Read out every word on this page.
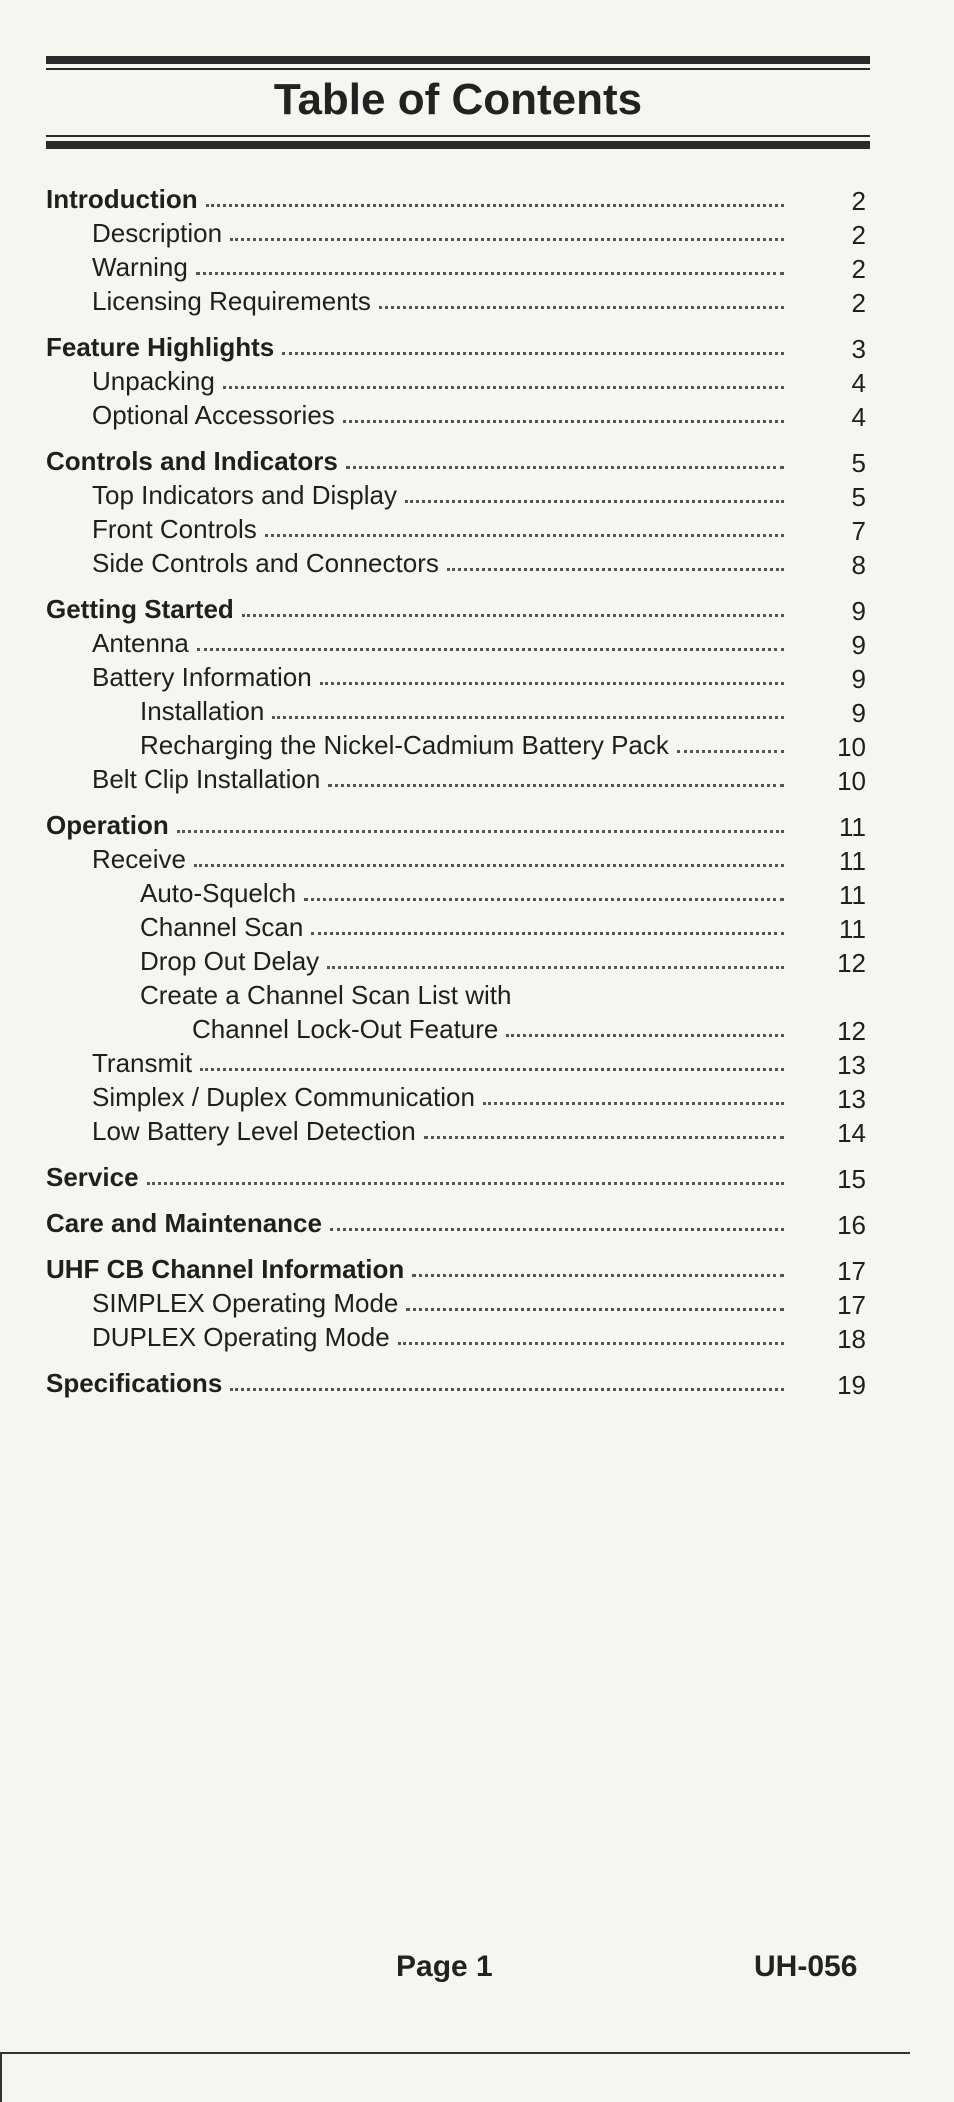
Table of Contents
Introduction	2
Description	2
Warning	2
Licensing Requirements	2
Feature Highlights	3
Unpacking	4
Optional Accessories	4
Controls and Indicators	5
Top Indicators and Display	5
Front Controls	7
Side Controls and Connectors	8
Getting Started	9
Antenna	9
Battery Information	9
Installation	9
Recharging the Nickel-Cadmium Battery Pack	10
Belt Clip Installation	10
Operation	11
Receive	11
Auto-Squelch	11
Channel Scan	11
Drop Out Delay	12
Create a Channel Scan List with
Channel Lock-Out Feature	12
Transmit	13
Simplex / Duplex Communication	13
Low Battery Level Detection	14
Service	15
Care and Maintenance	16
UHF CB Channel Information	17
SIMPLEX Operating Mode	17
DUPLEX Operating Mode	18
Specifications	19
Page 1	UH-056
